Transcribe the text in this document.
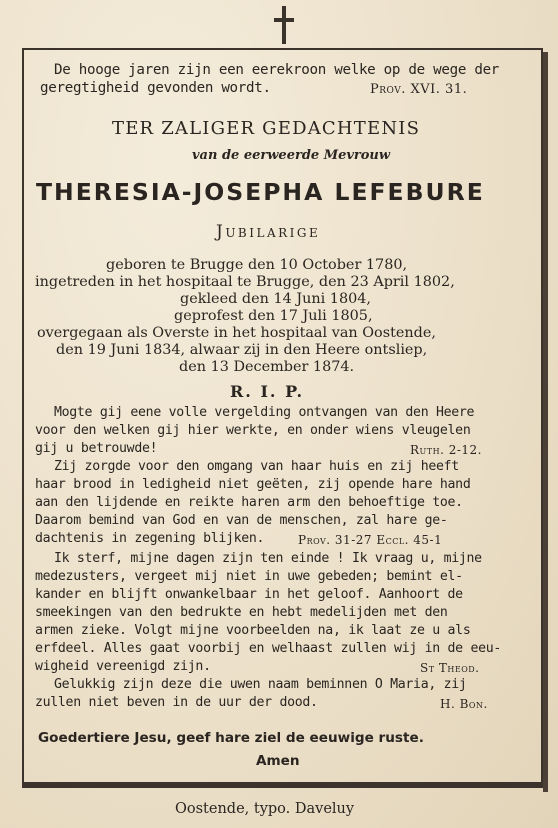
De hooge jaren zijn een eerekroon welke op de wege der
geregtigheid gevonden wordt.	Prov. XVI. 31.
TER ZALIGER GEDACHTENIS
van de eerweerde Mevrouw
THERESIA-JOSEPHA LEFEBURE
Jubilarige
geboren te Brugge den 10 October 1780,
ingetreden in het hospitaal te Brugge, den 23 April 1802,
gekleed den 14 Juni 1804,
geprofest den 17 Juli 1805,
overgegaan als Overste in het hospitaal van Oostende,
den 19 Juni 1834, alwaar zij in den Heere ontsliep,
den 13 December 1874.
R. I. P.
Mogte gij eene volle vergelding ontvangen van den Heere
voor den welken gij hier werkte, en onder wiens vleugelen
gij u betrouwde!	Ruth. 2-12.
Zij zorgde voor den omgang van haar huis en zij heeft
haar brood in ledigheid niet geëten, zij opende hare hand
aan den lijdende en reikte haren arm den behoeftige toe.
Daarom bemind van God en van de menschen, zal hare ge-
dachtenis in zegening blijken.	Prov. 31-27 Eccl. 45-1
Ik sterf, mijne dagen zijn ten einde ! Ik vraag u, mijne
medezusters, vergeet mij niet in uwe gebeden; bemint el-
kander en blijft onwankelbaar in het geloof. Aanhoort de
smeekingen van den bedrukte en hebt medelijden met den
armen zieke. Volgt mijne voorbeelden na, ik laat ze u als
erfdeel. Alles gaat voorbij en welhaast zullen wij in de eeu-
wigheid vereenigd zijn.	St Theod.
Gelukkig zijn deze die uwen naam beminnen O Maria, zij
zullen niet beven in de uur der dood.	H. Bon.
Goedertiere Jesu, geef hare ziel de eeuwige ruste.
Amen
Oostende, typo. Daveluy
